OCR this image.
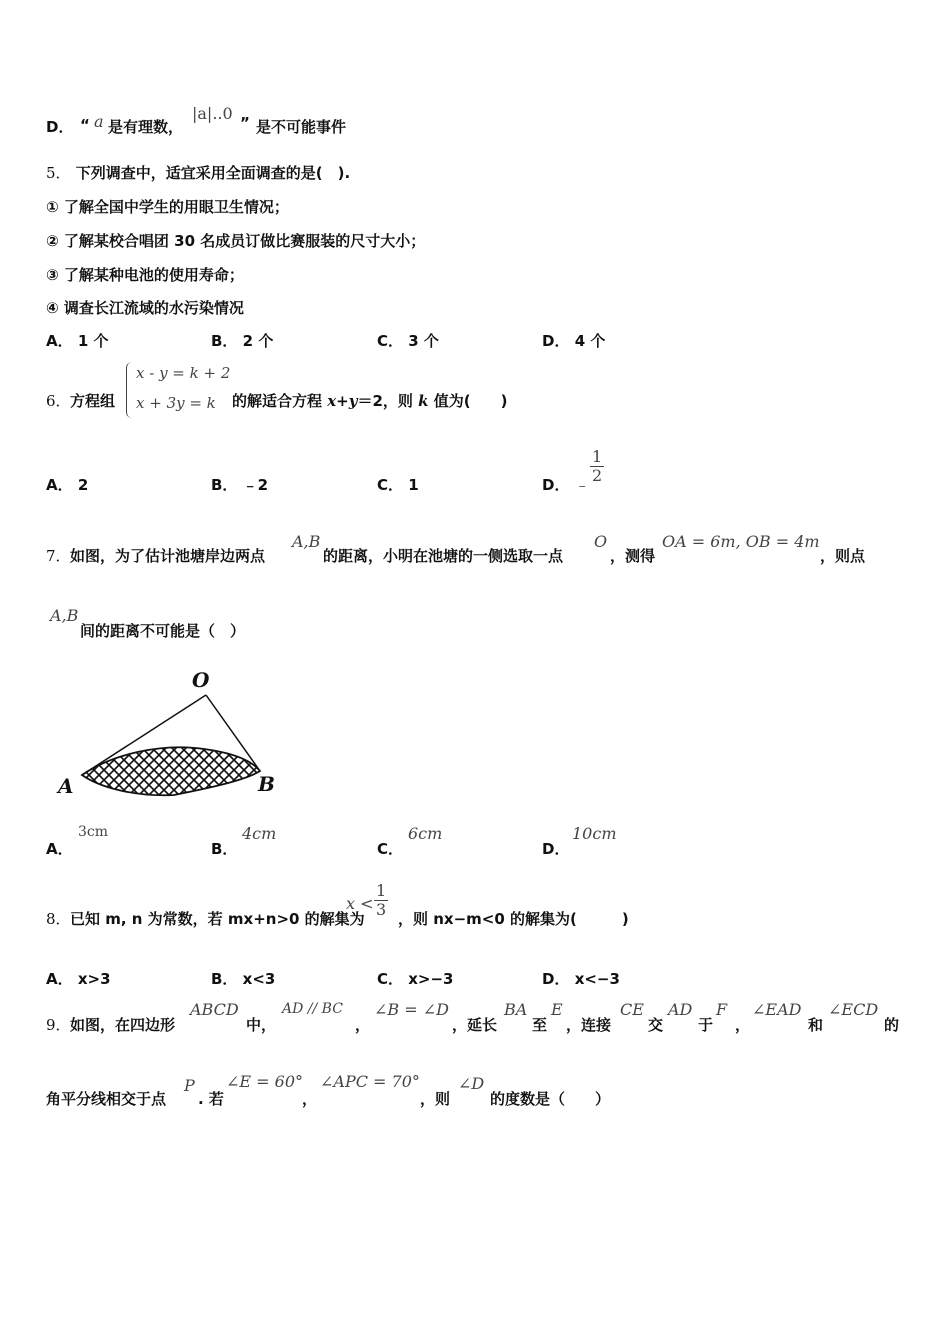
D． “ a 是有理数，
|a|..0 ” 是不可能事件
5． 下列调查中，适宜采用全面调查的是(　).
① 了解全国中学生的用眼卫生情况；
② 了解某校合唱团 30 名成员订做比赛服装的尺寸大小；
③ 了解某种电池的使用寿命；
④ 调查长江流域的水污染情况
A． 1 个	B． 2 个	C． 3 个	D． 4 个
6． 方程组
x - y = k + 2
x + 3y = k 的解适合方程 x+y＝2，则 k 值为(　　)
A． 2	B． ﹣2	C． 1	D． ﹣ $\frac{1}{2}$
7． 如图，为了估计池塘岸边两点
A,B
的距离，小明在池塘的一侧选取一点
O
，测得
OA = 6m, OB = 4m
，则点
A,B
间的距离不可能是（　）
O
A	B
A．
3cm
B．
4cm
C．
6cm
D．
10cm
8． 已知 m, n 为常数，若 mx+n>0 的解集为
$x < \frac{1}{3}$ ，则 nx−m<0 的解集为(　　　)
A． x>3	B． x<3	C． x>−3	D． x<−3
9． 如图，在四边形
ABCD
中，
AD // BC
，
∠B = ∠D
，延长
BA
至
E
，连接
CE
交
AD
于
F
，
∠EAD
和
∠ECD
的
角平分线相交于点
P
. 若
∠E = 60°
，
∠APC = 70°
，则
∠D
的度数是（　　）
